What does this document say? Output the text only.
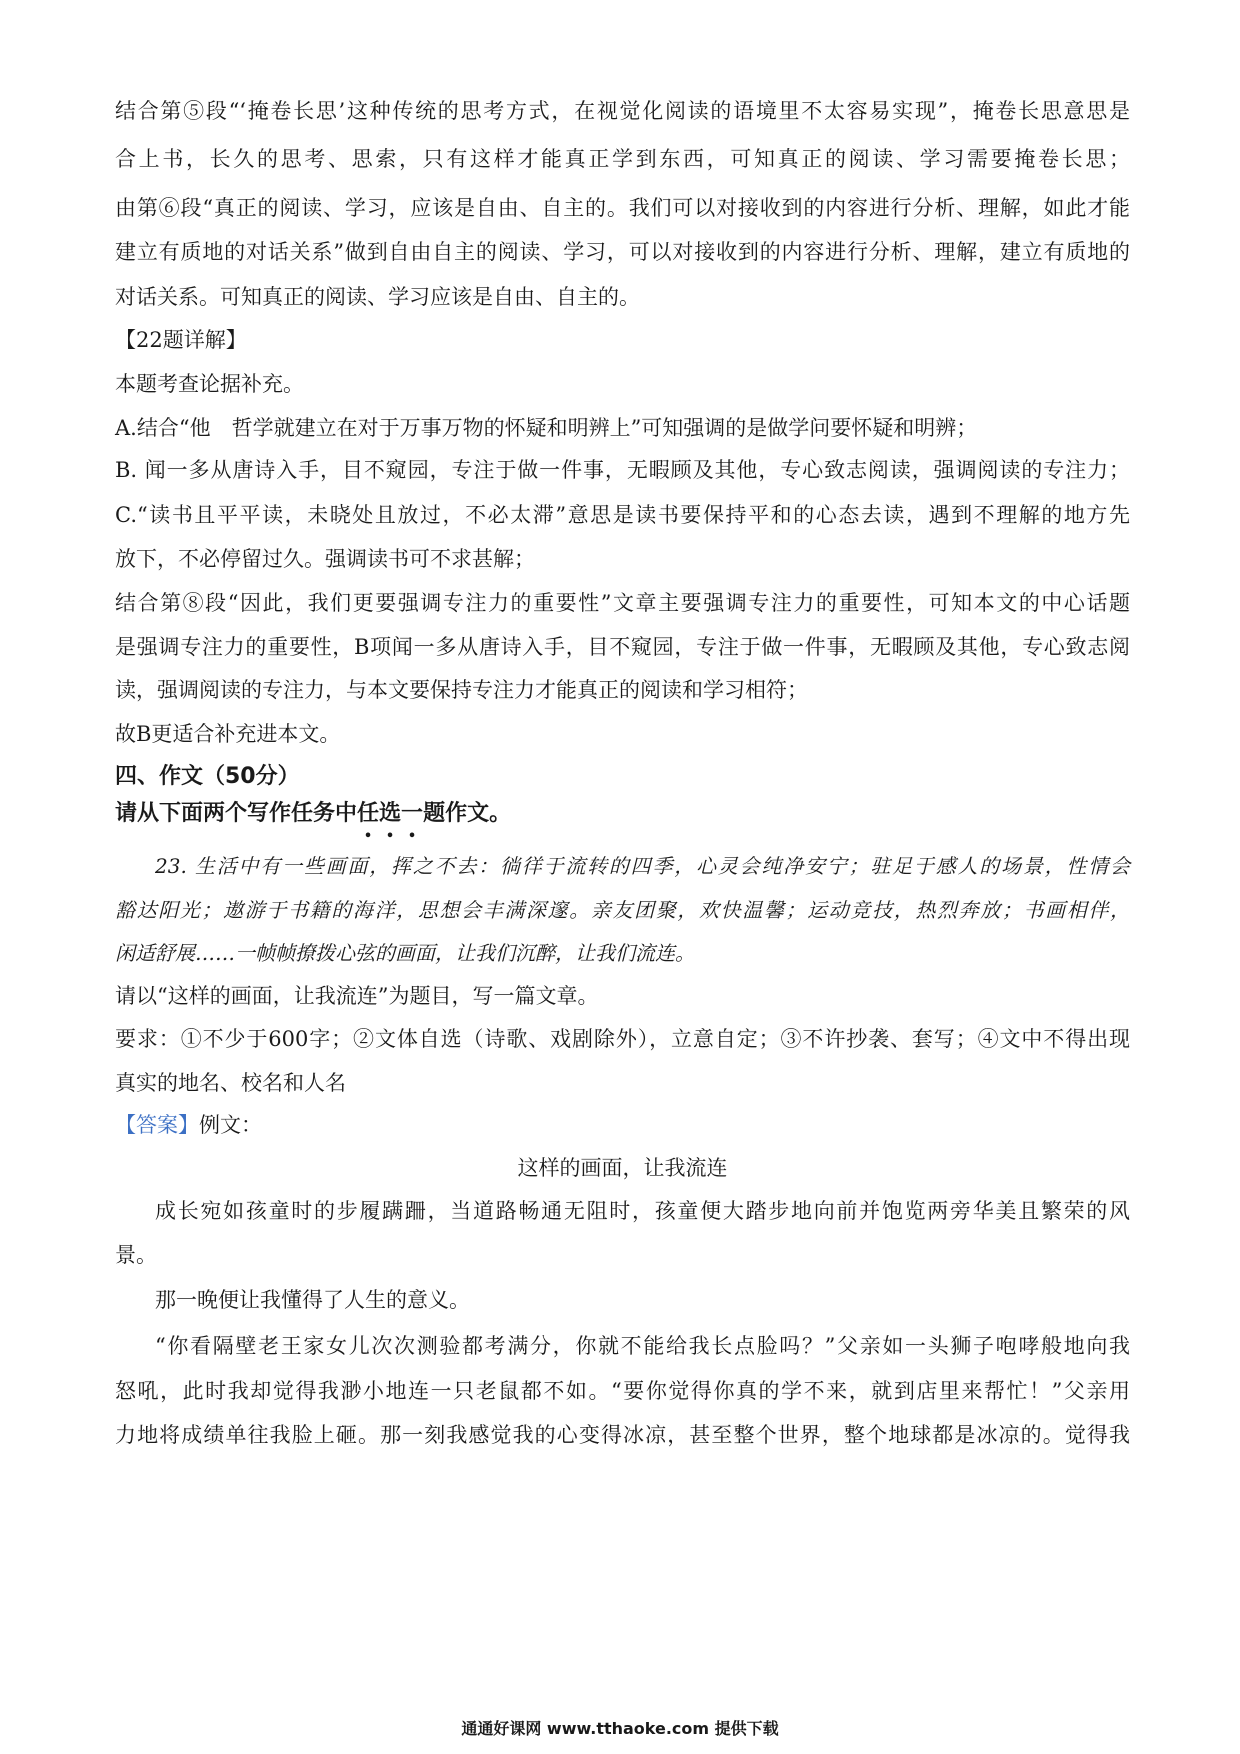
结合第⑤段“‘掩卷长思’这种传统的思考方式，在视觉化阅读的语境里不太容易实现”，掩卷长思意思是
合上书，长久的思考、思索，只有这样才能真正学到东西，可知真正的阅读、学习需要掩卷长思；
由第⑥段“真正的阅读、学习，应该是自由、自主的。我们可以对接收到的内容进行分析、理解，如此才能
建立有质地的对话关系”做到自由自主的阅读、学习，可以对接收到的内容进行分析、理解，建立有质地的
对话关系。可知真正的阅读、学习应该是自由、自主的。
【22题详解】
本题考查论据补充。
A.结合“他　哲学就建立在对于万事万物的怀疑和明辨上”可知强调的是做学问要怀疑和明辨；
B. 闻一多从唐诗入手，目不窥园，专注于做一件事，无暇顾及其他，专心致志阅读，强调阅读的专注力；
C.“读书且平平读，未晓处且放过，不必太滞”意思是读书要保持平和的心态去读，遇到不理解的地方先
放下，不必停留过久。强调读书可不求甚解；
结合第⑧段“因此，我们更要强调专注力的重要性”文章主要强调专注力的重要性，可知本文的中心话题
是强调专注力的重要性，B项闻一多从唐诗入手，目不窥园，专注于做一件事，无暇顾及其他，专心致志阅
读，强调阅读的专注力，与本文要保持专注力才能真正的阅读和学习相符；
故B更适合补充进本文。
四、作文（50分）
请从下面两个写作任务中任选一题作文。
23. 生活中有一些画面，挥之不去：徜徉于流转的四季，心灵会纯净安宁；驻足于感人的场景，性情会
豁达阳光；遨游于书籍的海洋，思想会丰满深邃。亲友团聚，欢快温馨；运动竞技，热烈奔放；书画相伴，
闲适舒展……一帧帧撩拨心弦的画面，让我们沉醉，让我们流连。
请以“这样的画面，让我流连”为题目，写一篇文章。
要求：①不少于600字；②文体自选（诗歌、戏剧除外），立意自定；③不许抄袭、套写；④文中不得出现
真实的地名、校名和人名
【答案】例文：
这样的画面，让我流连
成长宛如孩童时的步履蹒跚，当道路畅通无阻时，孩童便大踏步地向前并饱览两旁华美且繁荣的风
景。
那一晚便让我懂得了人生的意义。
“你看隔壁老王家女儿次次测验都考满分，你就不能给我长点脸吗？”父亲如一头狮子咆哮般地向我
怒吼，此时我却觉得我渺小地连一只老鼠都不如。“要你觉得你真的学不来，就到店里来帮忙！”父亲用
力地将成绩单往我脸上砸。那一刻我感觉我的心变得冰凉，甚至整个世界，整个地球都是冰凉的。觉得我
通通好课网 www.tthaoke.com 提供下载
